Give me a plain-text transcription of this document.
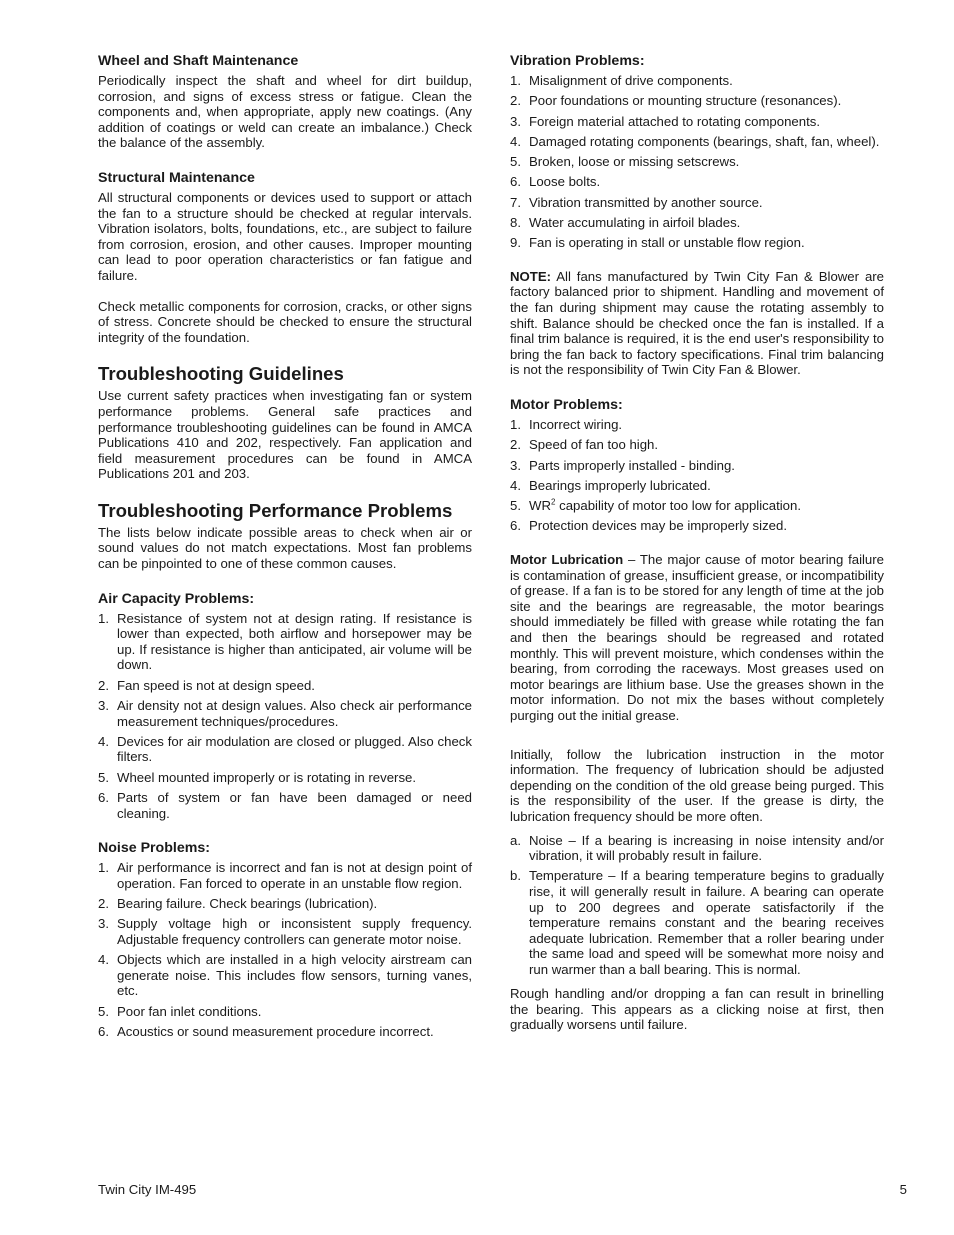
Wheel and Shaft Maintenance

Periodically inspect the shaft and wheel for dirt buildup, corrosion, and signs of excess stress or fatigue. Clean the components and, when appropriate, apply new coatings. (Any addition of coatings or weld can create an imbalance.) Check the balance of the assembly.

Structural Maintenance

All structural components or devices used to support or attach the fan to a structure should be checked at regular intervals. Vibration isolators, bolts, foundations, etc., are subject to failure from corrosion, erosion, and other causes. Improper mounting can lead to poor operation characteristics or fan fatigue and failure.

Check metallic components for corrosion, cracks, or other signs of stress. Concrete should be checked to ensure the structural integrity of the foundation.

Troubleshooting Guidelines

Use current safety practices when investigating fan or system performance problems. General safe practices and performance troubleshooting guidelines can be found in AMCA Publications 410 and 202, respectively. Fan application and field measurement procedures can be found in AMCA Publications 201 and 203.

Troubleshooting Performance Problems

The lists below indicate possible areas to check when air or sound values do not match expectations. Most fan problems can be pinpointed to one of these common causes.

Air Capacity Problems:
1. Resistance of system not at design rating. If resistance is lower than expected, both airflow and horsepower may be up. If resistance is higher than anticipated, air volume will be down.
2. Fan speed is not at design speed.
3. Air density not at design values. Also check air performance measurement techniques/procedures.
4. Devices for air modulation are closed or plugged. Also check filters.
5. Wheel mounted improperly or is rotating in reverse.
6. Parts of system or fan have been damaged or need cleaning.
Noise Problems:
1. Air performance is incorrect and fan is not at design point of operation. Fan forced to operate in an unstable flow region.
2. Bearing failure. Check bearings (lubrication).
3. Supply voltage high or inconsistent supply frequency. Adjustable frequency controllers can generate motor noise.
4. Objects which are installed in a high velocity airstream can generate noise. This includes flow sensors, turning vanes, etc.
5. Poor fan inlet conditions.
6. Acoustics or sound measurement procedure incorrect.
Vibration Problems:
1. Misalignment of drive components.
2. Poor foundations or mounting structure (resonances).
3. Foreign material attached to rotating components.
4. Damaged rotating components (bearings, shaft, fan, wheel).
5. Broken, loose or missing setscrews.
6. Loose bolts.
7. Vibration transmitted by another source.
8. Water accumulating in airfoil blades.
9. Fan is operating in stall or unstable flow region.

NOTE: All fans manufactured by Twin City Fan & Blower are factory balanced prior to shipment. Handling and movement of the fan during shipment may cause the rotating assembly to shift. Balance should be checked once the fan is installed. If a final trim balance is required, it is the end user's responsibility to bring the fan back to factory specifications. Final trim balancing is not the responsibility of Twin City Fan & Blower.

Motor Problems:
1. Incorrect wiring.
2. Speed of fan too high.
3. Parts improperly installed - binding.
4. Bearings improperly lubricated.
5. $WR^2$ capability of motor too low for application.
6. Protection devices may be improperly sized.

Motor Lubrication – The major cause of motor bearing failure is contamination of grease, insufficient grease, or incompatibility of grease. If a fan is to be stored for any length of time at the job site and the bearings are regreasable, the motor bearings should immediately be filled with grease while rotating the fan and then the bearings should be regreased and rotated monthly. This will prevent moisture, which condenses within the bearing, from corroding the raceways. Most greases used on motor bearings are lithium base. Use the greases shown in the motor information. Do not mix the bases without completely purging out the initial grease.

Initially, follow the lubrication instruction in the motor information. The frequency of lubrication should be adjusted depending on the condition of the old grease being purged. This is the responsibility of the user. If the grease is dirty, the lubrication frequency should be more often.

a. Noise – If a bearing is increasing in noise intensity and/or vibration, it will probably result in failure.
b. Temperature – If a bearing temperature begins to gradually rise, it will generally result in failure. A bearing can operate up to 200 degrees and operate satisfactorily if the temperature remains constant and the bearing receives adequate lubrication. Remember that a roller bearing under the same load and speed will be somewhat more noisy and run warmer than a ball bearing. This is normal.

Rough handling and/or dropping a fan can result in brinelling the bearing. This appears as a clicking noise at first, then gradually worsens until failure.

Twin City IM-495	5
